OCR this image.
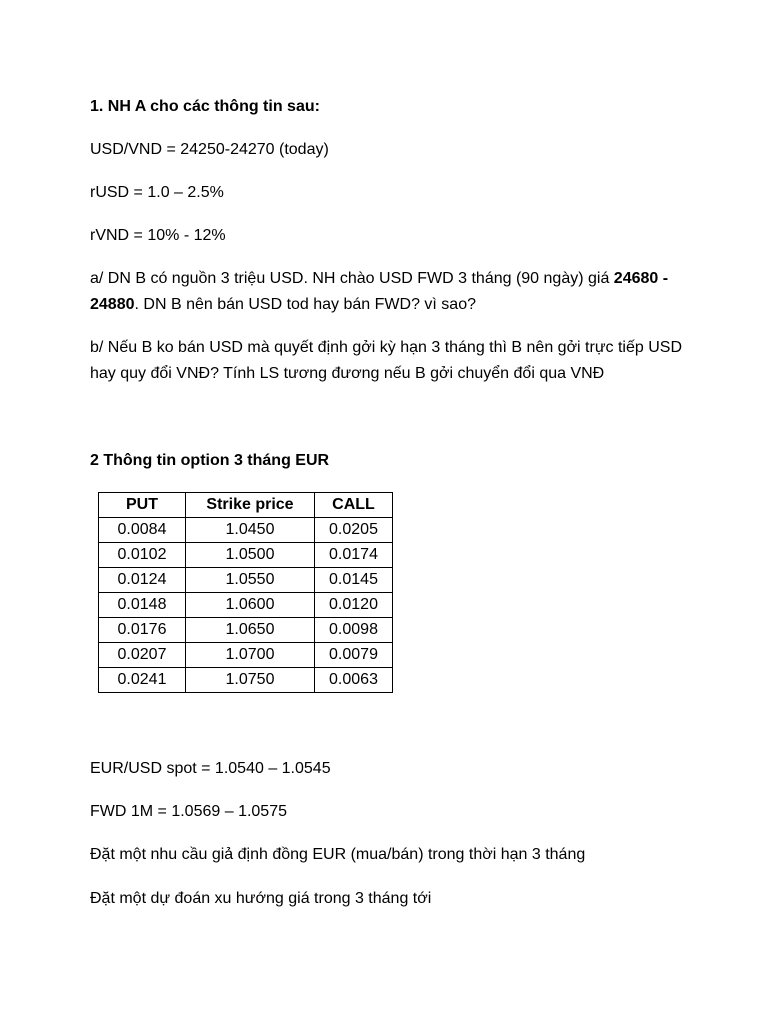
1. NH A cho các thông tin sau:
USD/VND = 24250-24270 (today)
rUSD = 1.0 – 2.5%
rVND = 10% - 12%
a/ DN B có nguồn 3 triệu USD. NH chào USD FWD 3 tháng (90 ngày) giá 24680 - 24880. DN B nên bán USD tod hay bán FWD? vì sao?
b/ Nếu B ko bán USD mà quyết định gởi kỳ hạn 3 tháng thì B nên gởi trực tiếp USD hay quy đổi VNĐ? Tính LS tương đương nếu B gởi chuyển đổi qua VNĐ
2 Thông tin option 3 tháng EUR
PUT	Strike price	CALL
0.0084	1.0450	0.0205
0.0102	1.0500	0.0174
0.0124	1.0550	0.0145
0.0148	1.0600	0.0120
0.0176	1.0650	0.0098
0.0207	1.0700	0.0079
0.0241	1.0750	0.0063
EUR/USD spot = 1.0540 – 1.0545
FWD 1M = 1.0569 – 1.0575
Đặt một nhu cầu giả định đồng EUR (mua/bán) trong thời hạn 3 tháng
Đặt một dự đoán xu hướng giá trong 3 tháng tới
